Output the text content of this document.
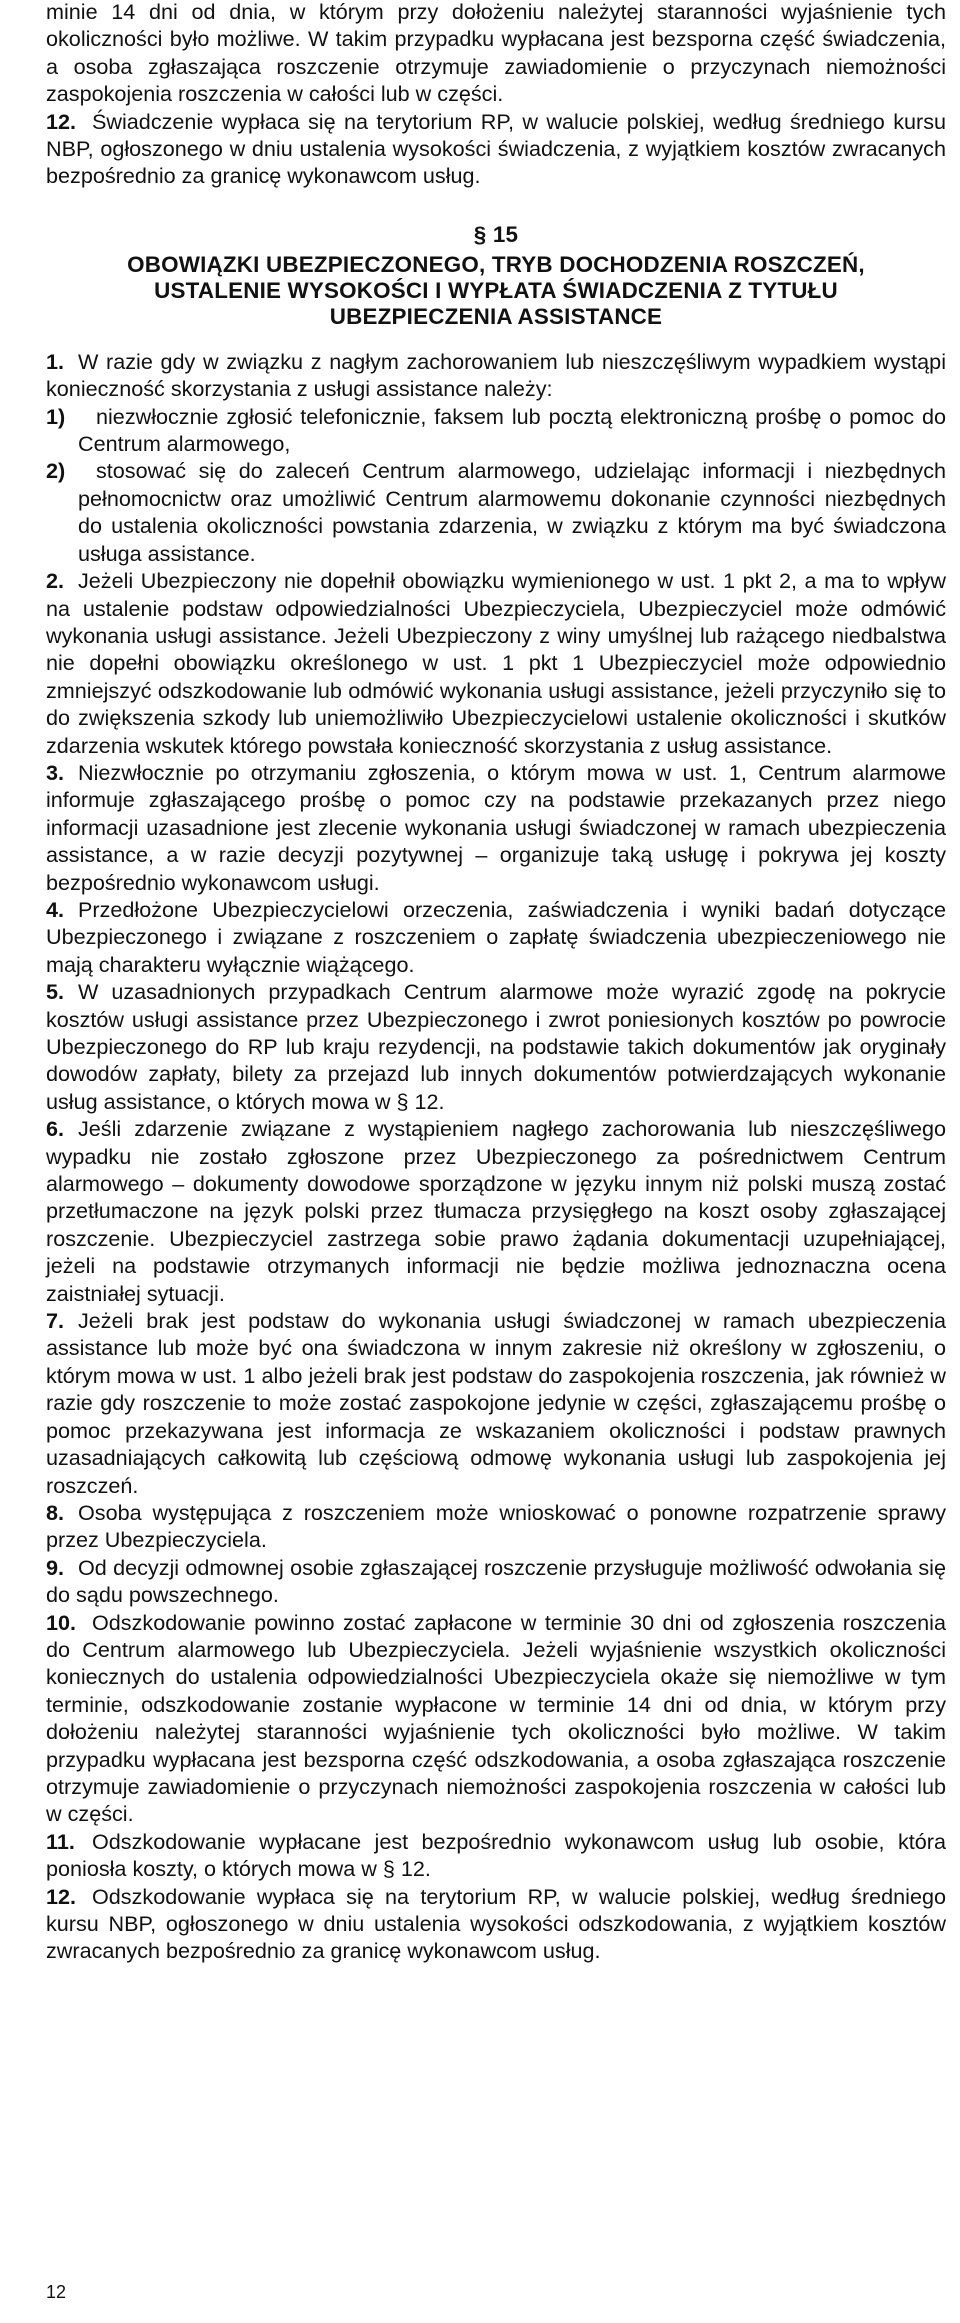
minie 14 dni od dnia, w którym przy dołożeniu należytej staranności wyjaśnienie tych okoliczności było możliwe. W takim przypadku wypłacana jest bezsporna część świadczenia, a osoba zgłaszająca roszczenie otrzymuje zawiadomienie o przyczynach niemożności zaspokojenia roszczenia w całości lub w części.

12. Świadczenie wypłaca się na terytorium RP, w walucie polskiej, według średniego kursu NBP, ogłoszonego w dniu ustalenia wysokości świadczenia, z wyjątkiem kosztów zwracanych bezpośrednio za granicę wykonawcom usług.

§ 15
OBOWIĄZKI UBEZPIECZONEGO, TRYB DOCHODZENIA ROSZCZEŃ,
USTALENIE WYSOKOŚCI I WYPŁATA ŚWIADCZENIA Z TYTUŁU
UBEZPIECZENIA ASSISTANCE
1. W razie gdy w związku z nagłym zachorowaniem lub nieszczęśliwym wypadkiem wystąpi konieczność skorzystania z usługi assistance należy:

1)	niezwłocznie zgłosić telefonicznie, faksem lub pocztą elektroniczną prośbę o pomoc do Centrum alarmowego,

2)	stosować się do zaleceń Centrum alarmowego, udzielając informacji i niezbędnych pełnomocnictw oraz umożliwić Centrum alarmowemu dokonanie czynności niezbędnych do ustalenia okoliczności powstania zdarzenia, w związku z którym ma być świadczona usługa assistance.

2. Jeżeli Ubezpieczony nie dopełnił obowiązku wymienionego w ust. 1 pkt 2, a ma to wpływ na ustalenie podstaw odpowiedzialności Ubezpieczyciela, Ubezpieczyciel może odmówić wykonania usługi assistance. Jeżeli Ubezpieczony z winy umyślnej lub rażącego niedbalstwa nie dopełni obowiązku określonego w ust. 1 pkt 1 Ubezpieczyciel może odpowiednio zmniejszyć odszkodowanie lub odmówić wykonania usługi assistance, jeżeli przyczyniło się to do zwiększenia szkody lub uniemożliwiło Ubezpieczycielowi ustalenie okoliczności i skutków zdarzenia wskutek którego powstała konieczność skorzystania z usług assistance.

3. Niezwłocznie po otrzymaniu zgłoszenia, o którym mowa w ust. 1, Centrum alarmowe informuje zgłaszającego prośbę o pomoc czy na podstawie przekazanych przez niego informacji uzasadnione jest zlecenie wykonania usługi świadczonej w ramach ubezpieczenia assistance, a w razie decyzji pozytywnej – organizuje taką usługę i pokrywa jej koszty bezpośrednio wykonawcom usługi.

4. Przedłożone Ubezpieczycielowi orzeczenia, zaświadczenia i wyniki badań dotyczące Ubezpieczonego i związane z roszczeniem o zapłatę świadczenia ubezpieczeniowego nie mają charakteru wyłącznie wiążącego.

5. W uzasadnionych przypadkach Centrum alarmowe może wyrazić zgodę na pokrycie kosztów usługi assistance przez Ubezpieczonego i zwrot poniesionych kosztów po powrocie Ubezpieczonego do RP lub kraju rezydencji, na podstawie takich dokumentów jak oryginały dowodów zapłaty, bilety za przejazd lub innych dokumentów potwierdzających wykonanie usług assistance, o których mowa w § 12.

6. Jeśli zdarzenie związane z wystąpieniem nagłego zachorowania lub nieszczęśliwego wypadku nie zostało zgłoszone przez Ubezpieczonego za pośrednictwem Centrum alarmowego – dokumenty dowodowe sporządzone w języku innym niż polski muszą zostać przetłumaczone na język polski przez tłumacza przysięgłego na koszt osoby zgłaszającej roszczenie. Ubezpieczyciel zastrzega sobie prawo żądania dokumentacji uzupełniającej, jeżeli na podstawie otrzymanych informacji nie będzie możliwa jednoznaczna ocena zaistniałej sytuacji.

7. Jeżeli brak jest podstaw do wykonania usługi świadczonej w ramach ubezpieczenia assistance lub może być ona świadczona w innym zakresie niż określony w zgłoszeniu, o którym mowa w ust. 1 albo jeżeli brak jest podstaw do zaspokojenia roszczenia, jak również w razie gdy roszczenie to może zostać zaspokojone jedynie w części, zgłaszającemu prośbę o pomoc przekazywana jest informacja ze wskazaniem okoliczności i podstaw prawnych uzasadniających całkowitą lub częściową odmowę wykonania usługi lub zaspokojenia jej roszczeń.

8. Osoba występująca z roszczeniem może wnioskować o ponowne rozpatrzenie sprawy przez Ubezpieczyciela.

9. Od decyzji odmownej osobie zgłaszającej roszczenie przysługuje możliwość odwołania się do sądu powszechnego.

10. Odszkodowanie powinno zostać zapłacone w terminie 30 dni od zgłoszenia roszczenia do Centrum alarmowego lub Ubezpieczyciela. Jeżeli wyjaśnienie wszystkich okoliczności koniecznych do ustalenia odpowiedzialności Ubezpieczyciela okaże się niemożliwe w tym terminie, odszkodowanie zostanie wypłacone w terminie 14 dni od dnia, w którym przy dołożeniu należytej staranności wyjaśnienie tych okoliczności było możliwe. W takim przypadku wypłacana jest bezsporna część odszkodowania, a osoba zgłaszająca roszczenie otrzymuje zawiadomienie o przyczynach niemożności zaspokojenia roszczenia w całości lub w części.

11. Odszkodowanie wypłacane jest bezpośrednio wykonawcom usług lub osobie, która poniosła koszty, o których mowa w § 12.

12. Odszkodowanie wypłaca się na terytorium RP, w walucie polskiej, według średniego kursu NBP, ogłoszonego w dniu ustalenia wysokości odszkodowania, z wyjątkiem kosztów zwracanych bezpośrednio za granicę wykonawcom usług.

12
